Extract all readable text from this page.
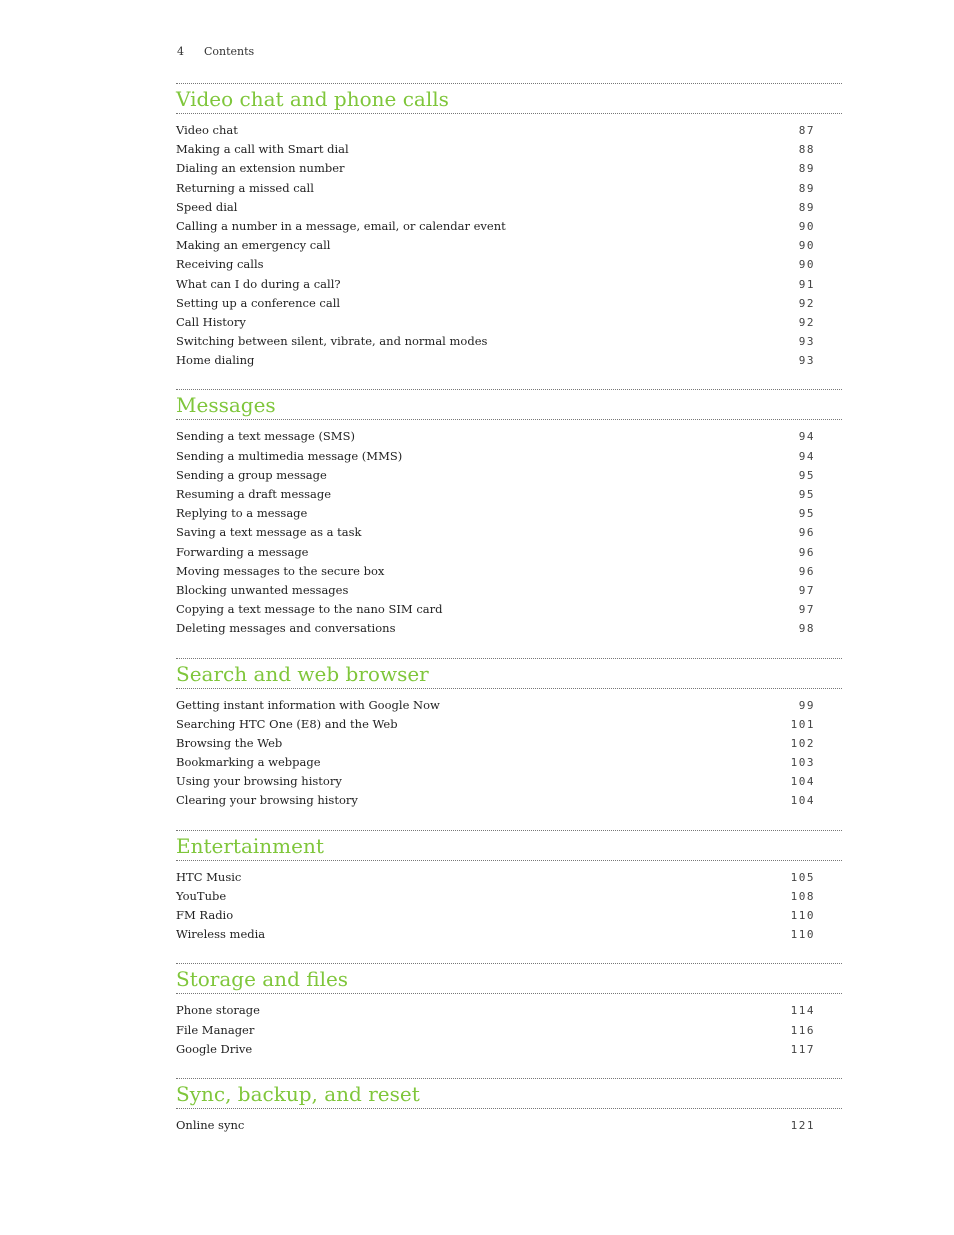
4 Contents
Video chat and phone calls
Video chat	87
Making a call with Smart dial	88
Dialing an extension number	89
Returning a missed call	89
Speed dial	89
Calling a number in a message, email, or calendar event	90
Making an emergency call	90
Receiving calls	90
What can I do during a call?	91
Setting up a conference call	92
Call History	92
Switching between silent, vibrate, and normal modes	93
Home dialing	93
Messages
Sending a text message (SMS)	94
Sending a multimedia message (MMS)	94
Sending a group message	95
Resuming a draft message	95
Replying to a message	95
Saving a text message as a task	96
Forwarding a message	96
Moving messages to the secure box	96
Blocking unwanted messages	97
Copying a text message to the nano SIM card	97
Deleting messages and conversations	98
Search and web browser
Getting instant information with Google Now	99
Searching HTC One (E8) and the Web	101
Browsing the Web	102
Bookmarking a webpage	103
Using your browsing history	104
Clearing your browsing history	104
Entertainment
HTC Music	105
YouTube	108
FM Radio	110
Wireless media	110
Storage and files
Phone storage	114
File Manager	116
Google Drive	117
Sync, backup, and reset
Online sync	121
